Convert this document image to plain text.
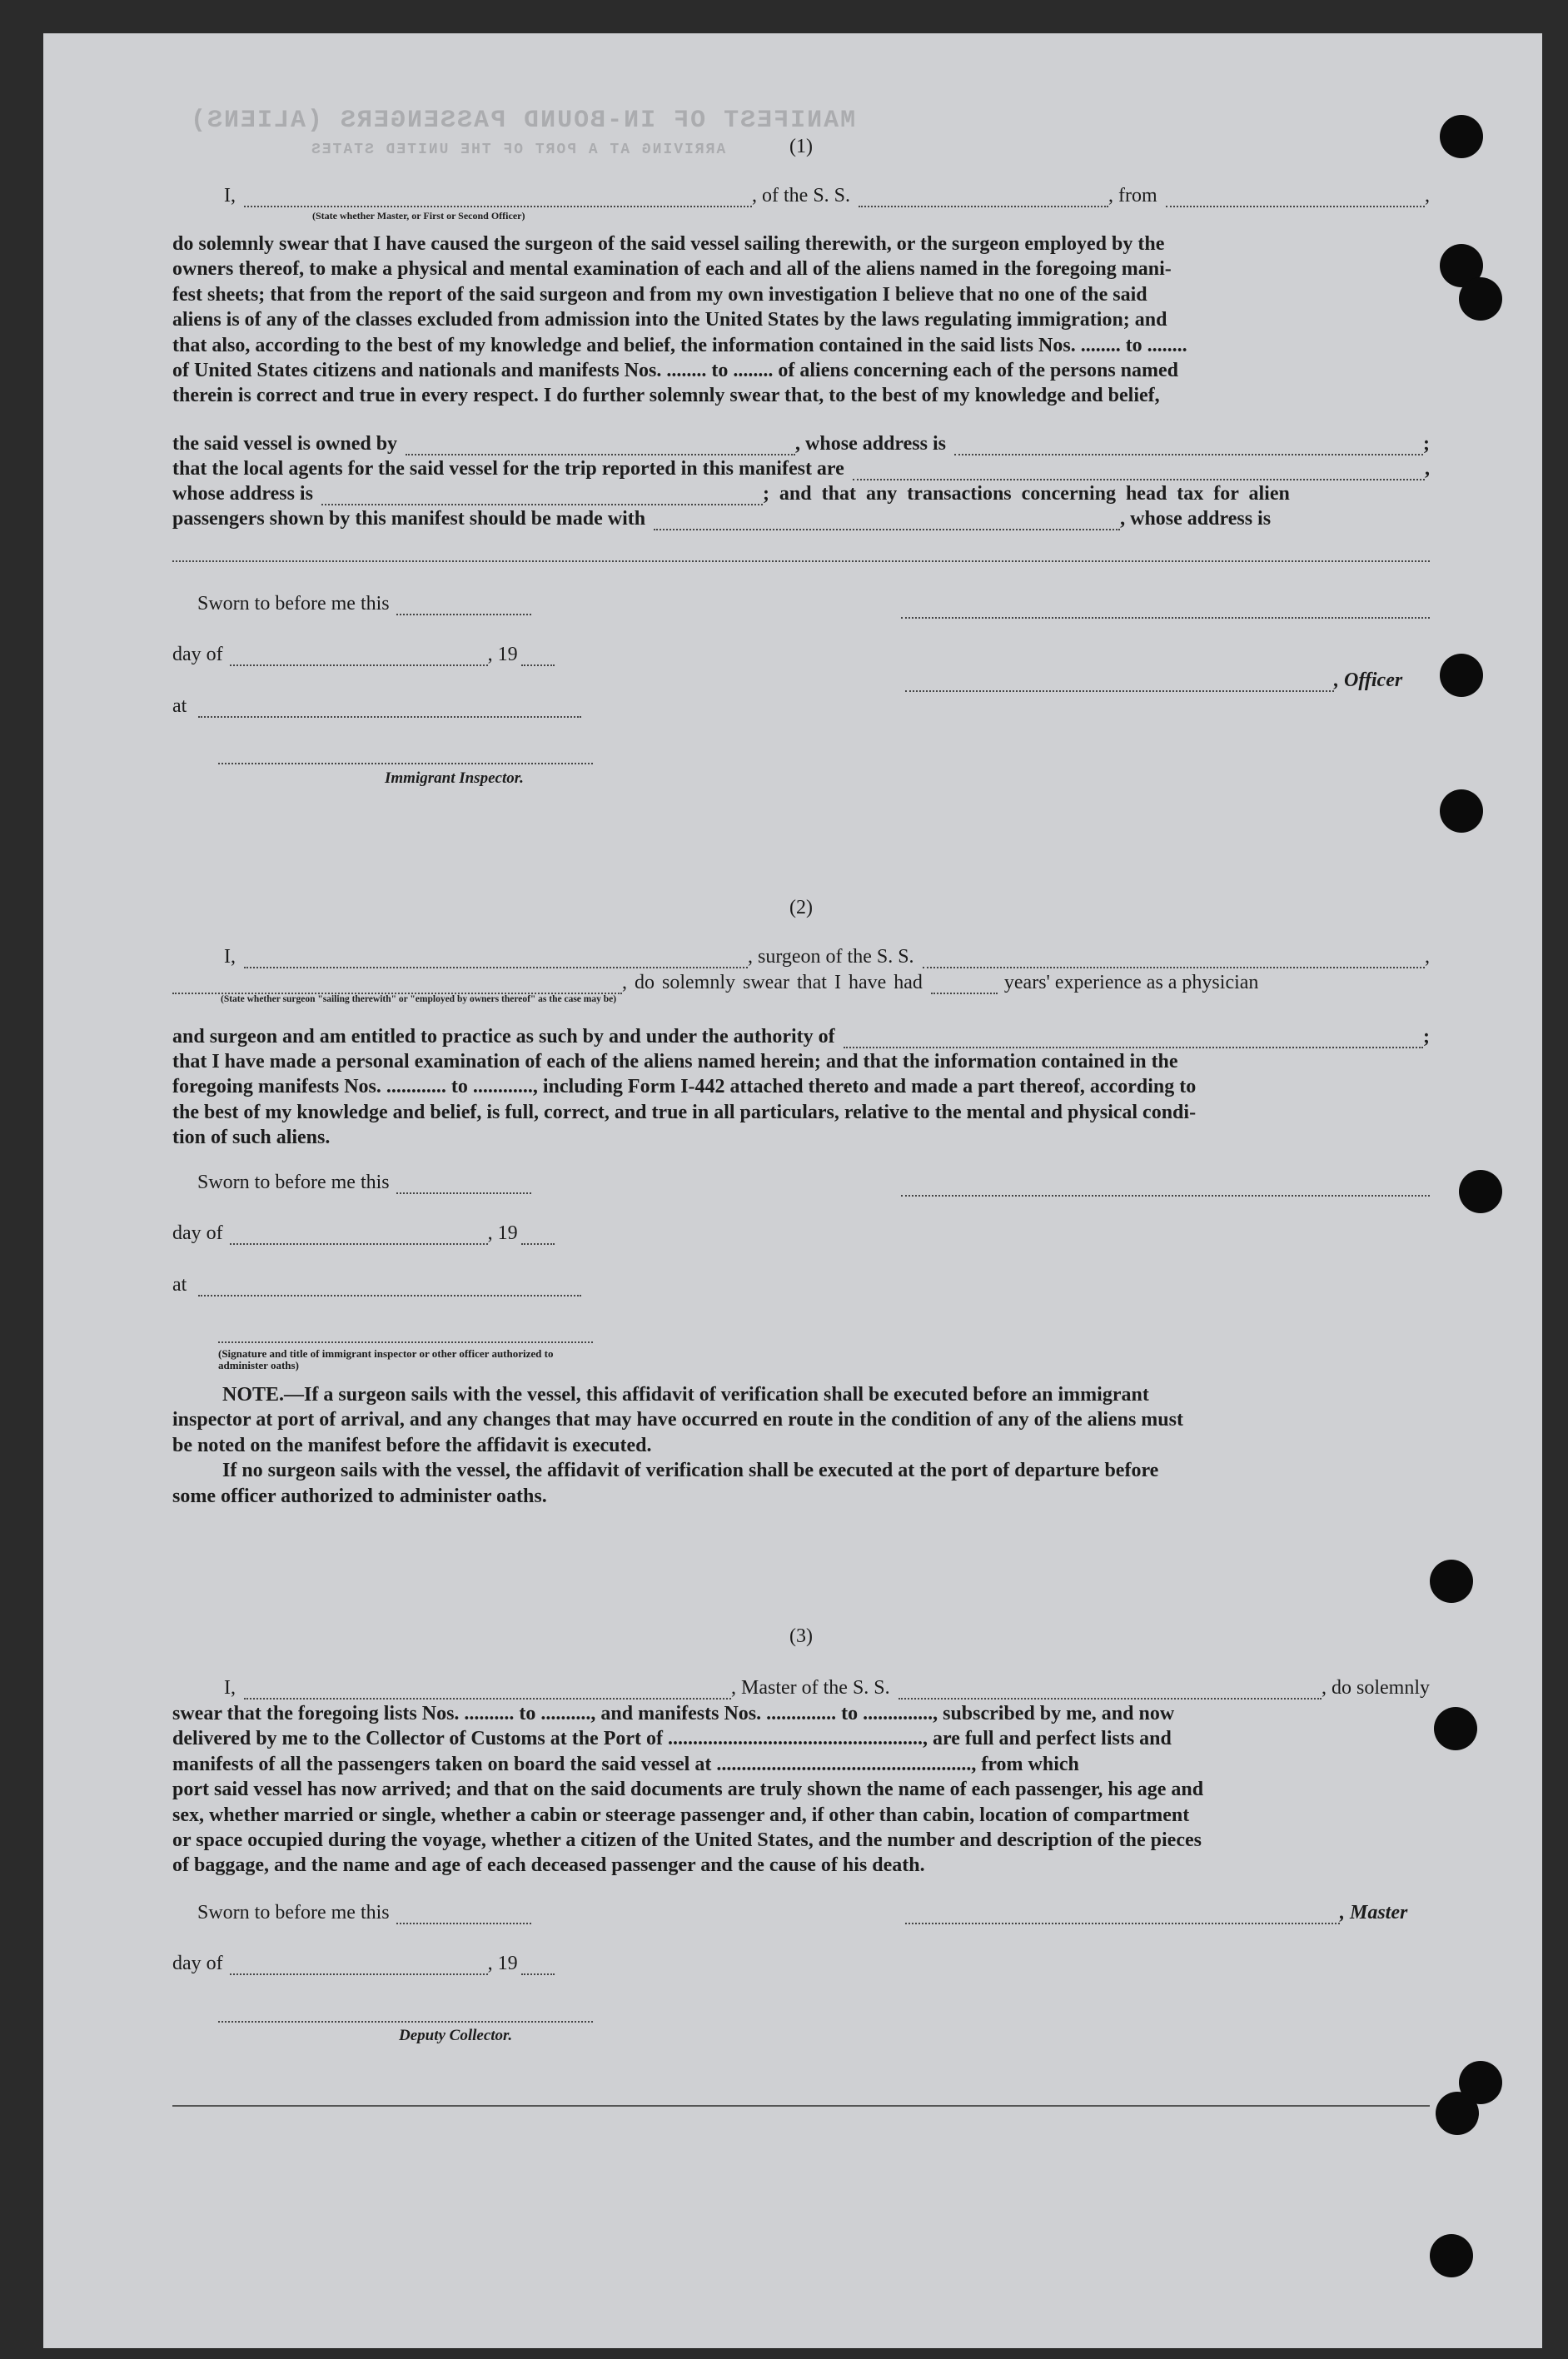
MANIFEST OF IN-BOUND PASSENGERS (ALIENS)
ARRIVING AT A PORT OF THE UNITED STATES	(1)
I,	, of the S. S.	, from	,
(State whether Master, or First or Second Officer)
do solemnly swear that I have caused the surgeon of the said vessel sailing therewith, or the surgeon employed by the
owners thereof, to make a physical and mental examination of each and all of the aliens named in the foregoing mani-
fest sheets; that from the report of the said surgeon and from my own investigation I believe that no one of the said
aliens is of any of the classes excluded from admission into the United States by the laws regulating immigration; and
that also, according to the best of my knowledge and belief, the information contained in the said lists Nos. ........ to ........
of United States citizens and nationals and manifests Nos. ........ to ........ of aliens concerning each of the persons named
therein is correct and true in every respect. I do further solemnly swear that, to the best of my knowledge and belief,
the said vessel is owned by	, whose address is	;
that the local agents for the said vessel for the trip reported in this manifest are	,
whose address is	; and that any transactions concerning head tax for alien
passengers shown by this manifest should be made with	, whose address is
Sworn to before me this
day of	, 19
, Officer
at
Immigrant Inspector.
(2)
I,	, surgeon of the S. S.	,
, do solemnly swear that I have had	years' experience as a physician
(State whether surgeon "sailing therewith" or "employed by owners thereof" as the case may be)
and surgeon and am entitled to practice as such by and under the authority of	;
that I have made a personal examination of each of the aliens named herein; and that the information contained in the
foregoing manifests Nos. ............ to ............, including Form I-442 attached thereto and made a part thereof, according to
the best of my knowledge and belief, is full, correct, and true in all particulars, relative to the mental and physical condi-
tion of such aliens.
Sworn to before me this
day of	, 19
at
(Signature and title of immigrant inspector or other officer authorized to administer oaths)
NOTE.—If a surgeon sails with the vessel, this affidavit of verification shall be executed before an immigrant
inspector at port of arrival, and any changes that may have occurred en route in the condition of any of the aliens must
be noted on the manifest before the affidavit is executed.
If no surgeon sails with the vessel, the affidavit of verification shall be executed at the port of departure before
some officer authorized to administer oaths.
(3)
I,	, Master of the S. S.	, do solemnly
swear that the foregoing lists Nos. .......... to .........., and manifests Nos. .............. to .............., subscribed by me, and now
delivered by me to the Collector of Customs at the Port of ..................................................., are full and perfect lists and
manifests of all the passengers taken on board the said vessel at ..................................................., from which
port said vessel has now arrived; and that on the said documents are truly shown the name of each passenger, his age and
sex, whether married or single, whether a cabin or steerage passenger and, if other than cabin, location of compartment
or space occupied during the voyage, whether a citizen of the United States, and the number and description of the pieces
of baggage, and the name and age of each deceased passenger and the cause of his death.
Sworn to before me this	, Master
day of	, 19
Deputy Collector.
